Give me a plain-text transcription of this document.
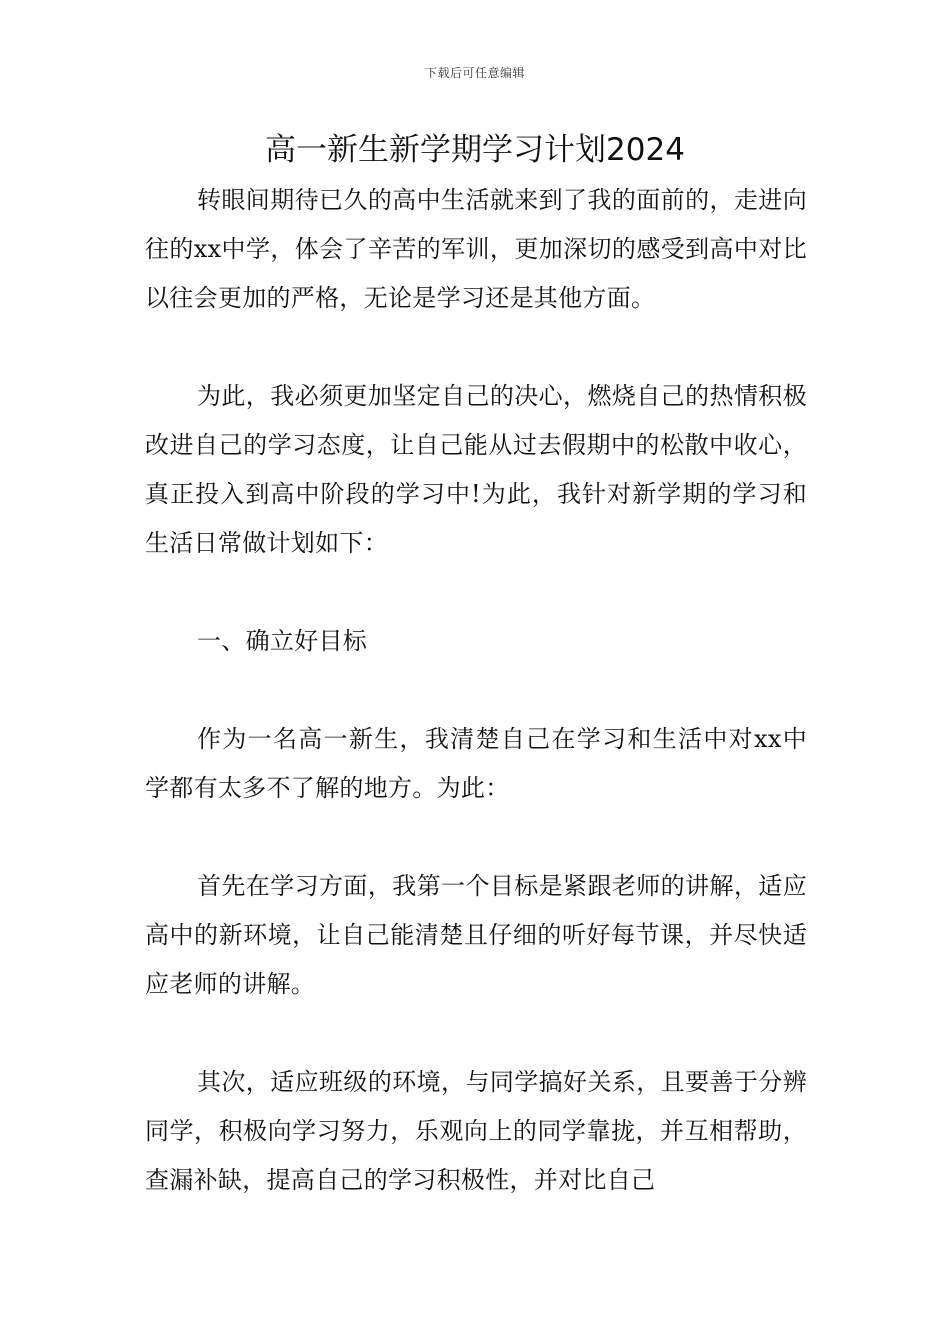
下载后可任意编辑
高一新生新学期学习计划2024

转眼间期待已久的高中生活就来到了我的面前的，走进向往的xx中学，体会了辛苦的军训，更加深切的感受到高中对比以往会更加的严格，无论是学习还是其他方面。

为此，我必须更加坚定自己的决心，燃烧自己的热情积极改进自己的学习态度，让自己能从过去假期中的松散中收心，真正投入到高中阶段的学习中!为此，我针对新学期的学习和生活日常做计划如下：

一、确立好目标

作为一名高一新生，我清楚自己在学习和生活中对xx中学都有太多不了解的地方。为此：

首先在学习方面，我第一个目标是紧跟老师的讲解，适应高中的新环境，让自己能清楚且仔细的听好每节课，并尽快适应老师的讲解。

其次，适应班级的环境，与同学搞好关系，且要善于分辨同学，积极向学习努力，乐观向上的同学靠拢，并互相帮助，查漏补缺，提高自己的学习积极性，并对比自己
